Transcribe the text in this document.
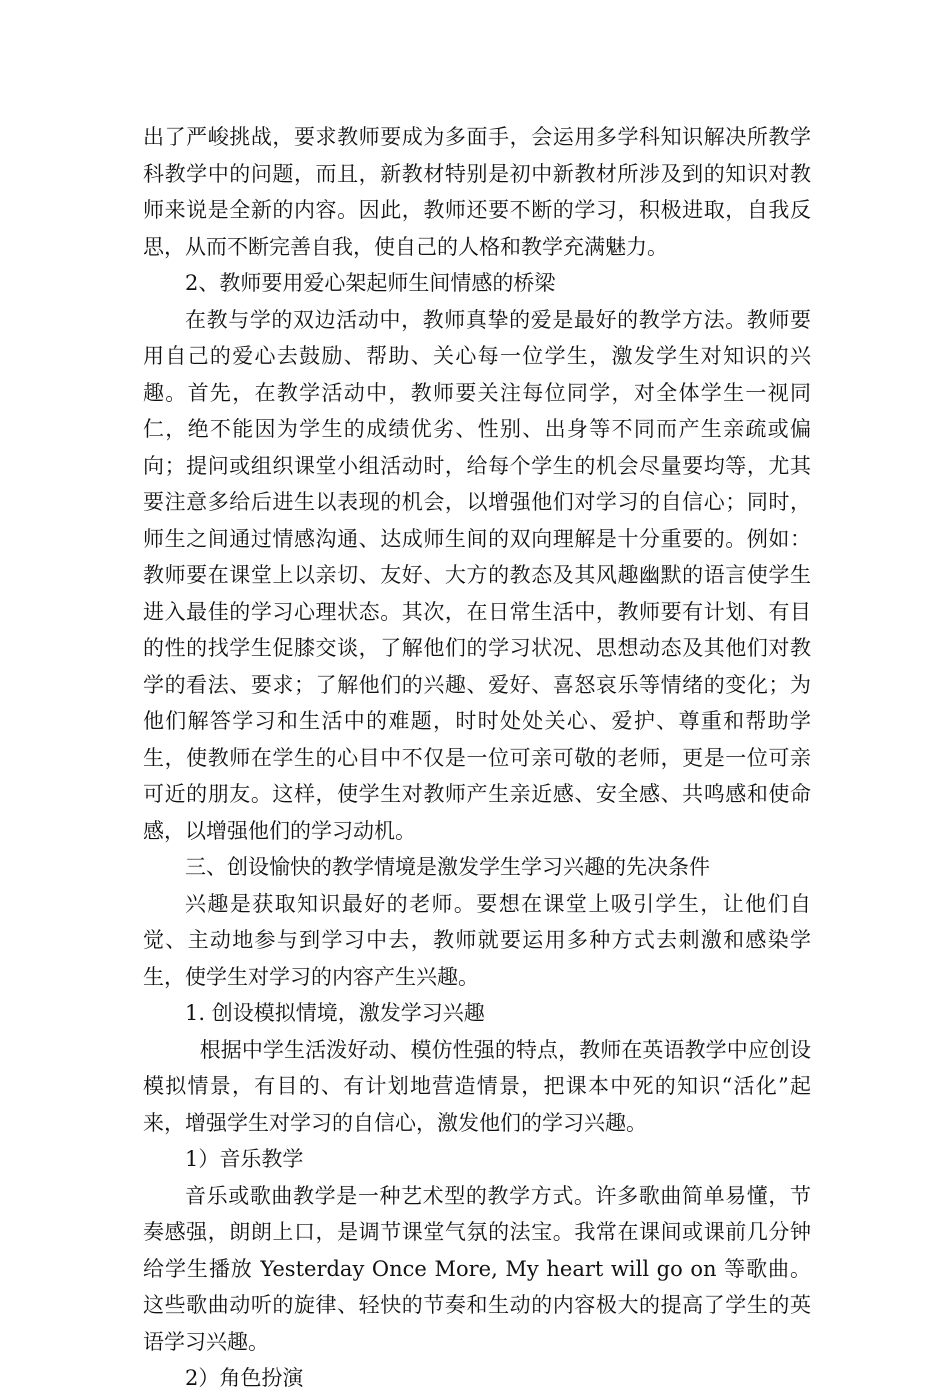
出了严峻挑战，要求教师要成为多面手，会运用多学科知识解决所教学科教学中的问题，而且，新教材特别是初中新教材所涉及到的知识对教师来说是全新的内容。因此，教师还要不断的学习，积极进取，自我反思，从而不断完善自我，使自己的人格和教学充满魅力。

2、教师要用爱心架起师生间情感的桥梁

在教与学的双边活动中，教师真挚的爱是最好的教学方法。教师要用自己的爱心去鼓励、帮助、关心每一位学生，激发学生对知识的兴趣。首先，在教学活动中，教师要关注每位同学，对全体学生一视同仁，绝不能因为学生的成绩优劣、性别、出身等不同而产生亲疏或偏向；提问或组织课堂小组活动时，给每个学生的机会尽量要均等，尤其要注意多给后进生以表现的机会，以增强他们对学习的自信心；同时，师生之间通过情感沟通、达成师生间的双向理解是十分重要的。例如：教师要在课堂上以亲切、友好、大方的教态及其风趣幽默的语言使学生进入最佳的学习心理状态。其次，在日常生活中，教师要有计划、有目的性的找学生促膝交谈，了解他们的学习状况、思想动态及其他们对教学的看法、要求；了解他们的兴趣、爱好、喜怒哀乐等情绪的变化；为他们解答学习和生活中的难题，时时处处关心、爱护、尊重和帮助学生，使教师在学生的心目中不仅是一位可亲可敬的老师，更是一位可亲可近的朋友。这样，使学生对教师产生亲近感、安全感、共鸣感和使命感，以增强他们的学习动机。

三、创设愉快的教学情境是激发学生学习兴趣的先决条件

兴趣是获取知识最好的老师。要想在课堂上吸引学生，让他们自觉、主动地参与到学习中去，教师就要运用多种方式去刺激和感染学生，使学生对学习的内容产生兴趣。

1. 创设模拟情境，激发学习兴趣

根据中学生活泼好动、模仿性强的特点，教师在英语教学中应创设模拟情景，有目的、有计划地营造情景，把课本中死的知识“活化”起来，增强学生对学习的自信心，激发他们的学习兴趣。

1）音乐教学

音乐或歌曲教学是一种艺术型的教学方式。许多歌曲简单易懂，节奏感强，朗朗上口，是调节课堂气氛的法宝。我常在课间或课前几分钟给学生播放 Yesterday Once More, My heart will go on 等歌曲。这些歌曲动听的旋律、轻快的节奏和生动的内容极大的提高了学生的英语学习兴趣。

2）角色扮演
